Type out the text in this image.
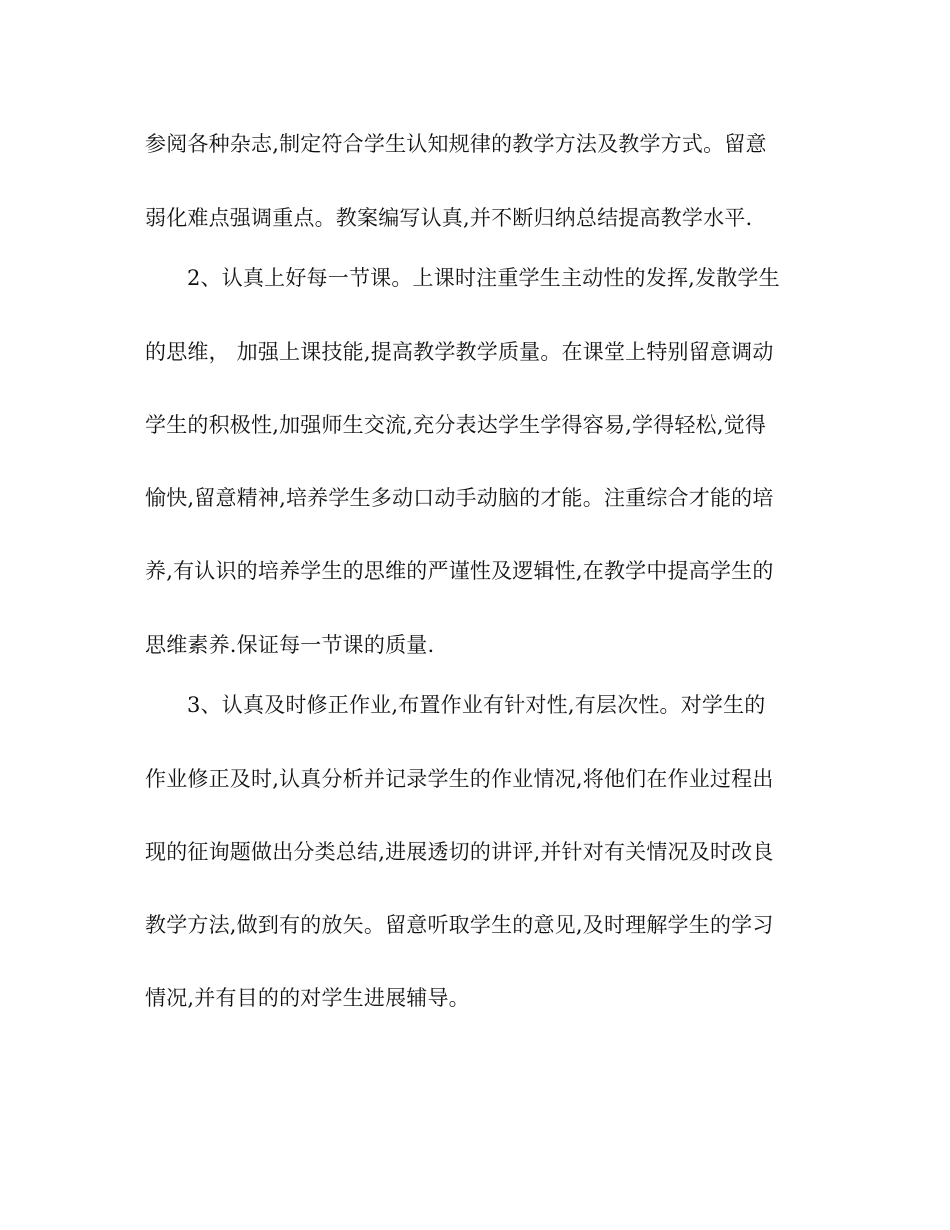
参阅各种杂志,制定符合学生认知规律的教学方法及教学方式。留意
弱化难点强调重点。教案编写认真,并不断归纳总结提高教学水平.
2、认真上好每一节课。上课时注重学生主动性的发挥,发散学生
的思维， 加强上课技能,提高教学教学质量。在课堂上特别留意调动
学生的积极性,加强师生交流,充分表达学生学得容易,学得轻松,觉得
愉快,留意精神,培养学生多动口动手动脑的才能。注重综合才能的培
养,有认识的培养学生的思维的严谨性及逻辑性,在教学中提高学生的
思维素养.保证每一节课的质量.
3、认真及时修正作业,布置作业有针对性,有层次性。对学生的
作业修正及时,认真分析并记录学生的作业情况,将他们在作业过程出
现的征询题做出分类总结,进展透切的讲评,并针对有关情况及时改良
教学方法,做到有的放矢。留意听取学生的意见,及时理解学生的学习
情况,并有目的的对学生进展辅导。
